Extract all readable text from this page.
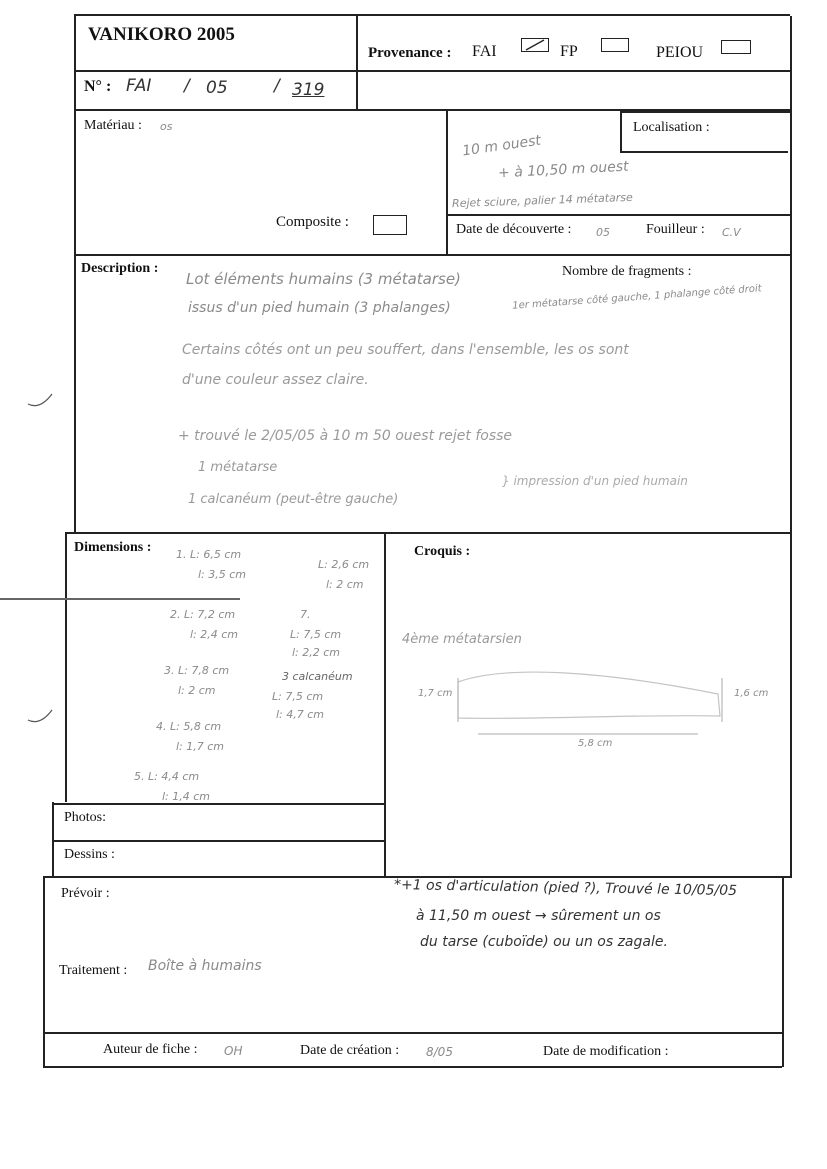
VANIKORO 2005
Provenance : FAI	FP	PEIOU
N° : FAI / 05	/ 319
Matériau : os	Localisation :
10 m ouest
+ à 10,50 m ouest
Rejet sciure, palier 14 métatarse
Composite :	Date de découverte : 05	Fouilleur : C.V
Description :	Nombre de fragments :
Lot éléments humains (3 métatarse)
issus d'un pied humain (3 phalanges)	1er métatarse côté gauche, 1 phalange côté droit
Certains côtés ont un peu souffert, dans l'ensemble, les os sont
d'une couleur assez claire.
+ trouvé le 2/05/05 à 10 m 50 ouest rejet fosse
1 métatarse
1 calcanéum (peut-être gauche)
} impression d'un pied humain
Dimensions : 1. L: 6,5 cm
l: 3,5 cm
2. L: 7,2 cm
l: 2,4 cm
3. L: 7,8 cm
l: 2 cm
4. L: 5,8 cm
l: 1,7 cm
5. L: 4,4 cm
l: 1,4 cm
L: 2,6 cm
l: 2 cm
7.
L: 7,5 cm
l: 2,2 cm
3 calcanéum
L: 7,5 cm
l: 4,7 cm
Croquis :
4ème métatarsien
1,7 cm	1,6 cm
5,8 cm
Photos:
Dessins :
Prévoir :	*+1 os d'articulation (pied ?), Trouvé le 10/05/05
à 11,50 m ouest → sûrement un os
du tarse (cuboïde) ou un os zagale.
Traitement : Boîte à humains
Auteur de fiche : OH	Date de création : 8/05	Date de modification :
